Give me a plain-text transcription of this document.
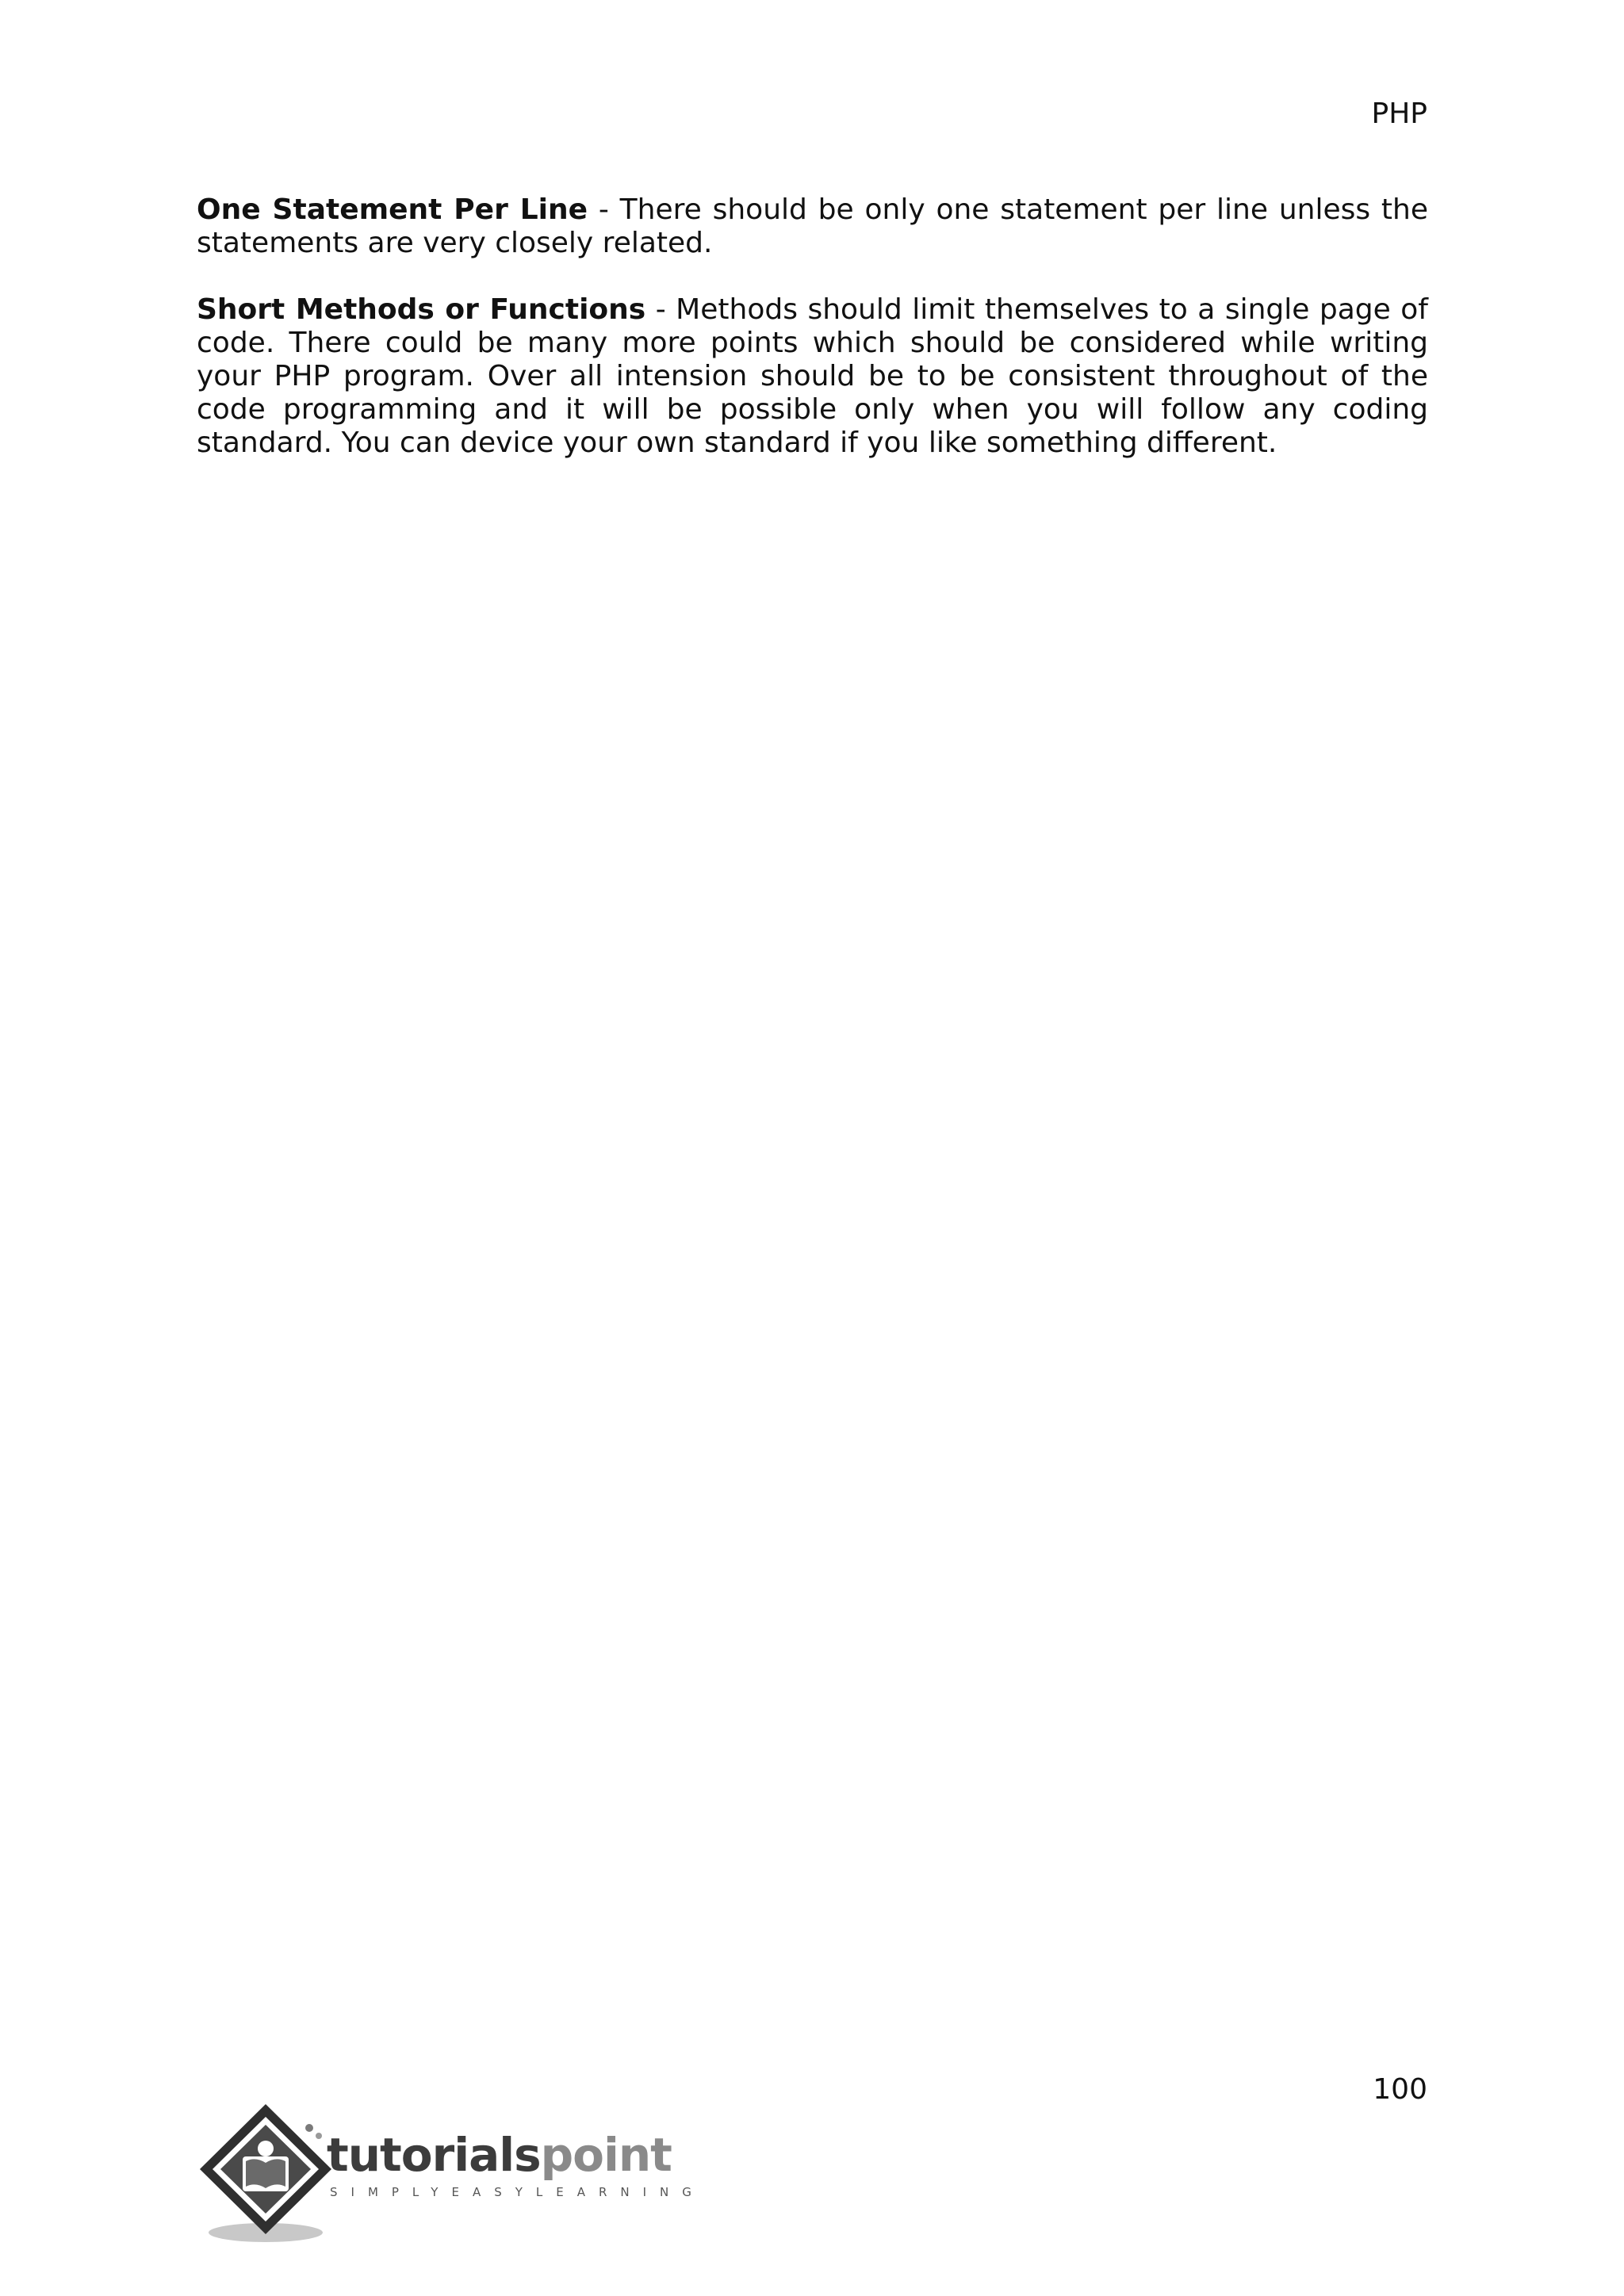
PHP

One Statement Per Line - There should be only one statement per line unless the statements are very closely related.

Short Methods or Functions - Methods should limit themselves to a single page of code. There could be many more points which should be considered while writing your PHP program. Over all intension should be to be consistent throughout of the code programming and it will be possible only when you will follow any coding standard. You can device your own standard if you like something different.

100
tutorialspoint
SIMPLYEASYLEARNING
